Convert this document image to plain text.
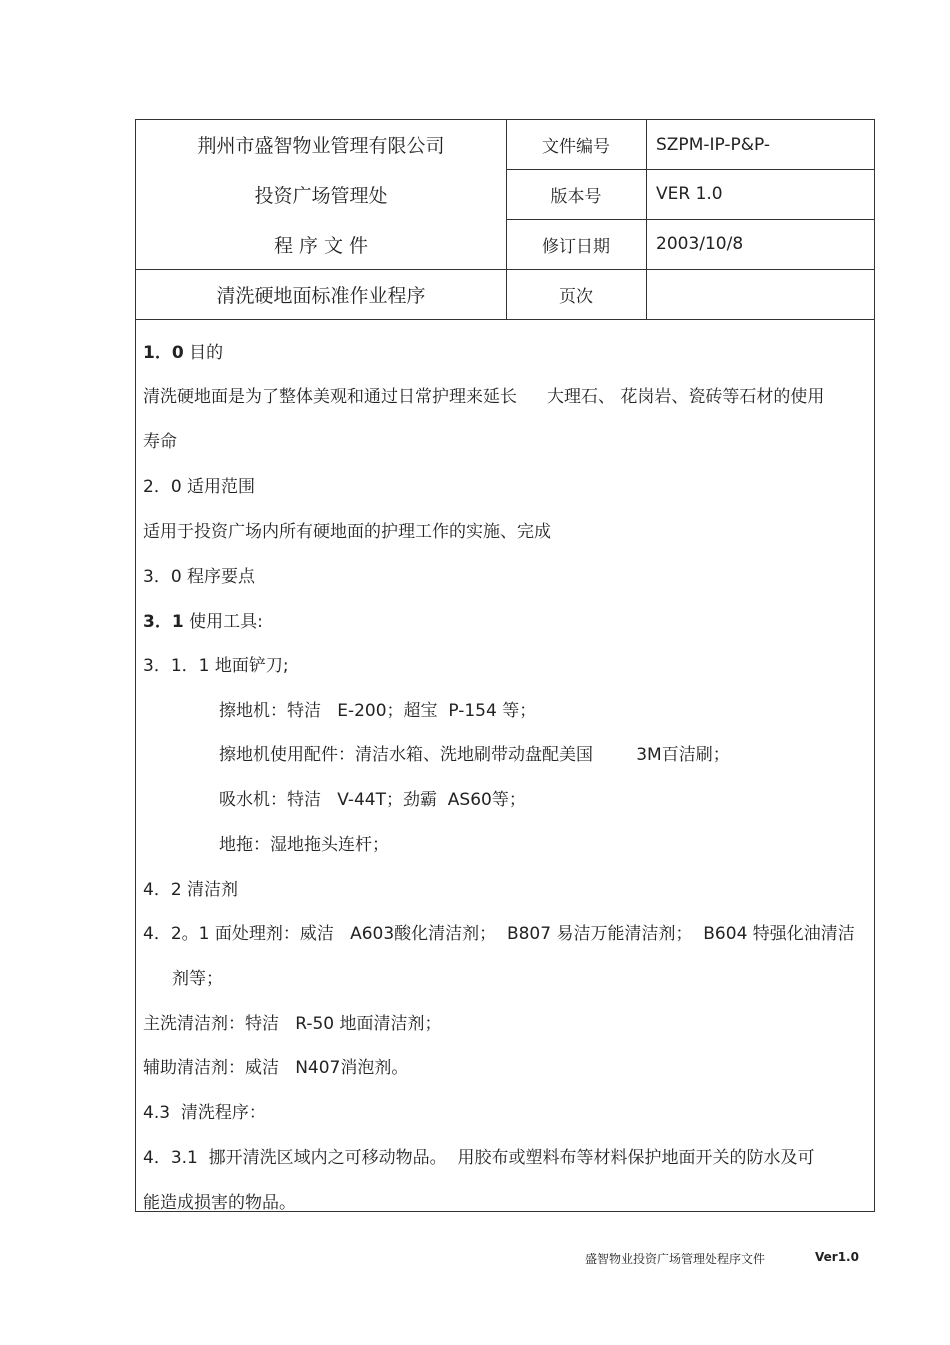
荆州市盛智物业管理有限公司
投资广场管理处
程 序 文 件
清洗硬地面标准作业程序
文件编号
版本号
修订日期
页次
SZPM-IP-P&P-
VER 1.0
2003/10/8
1．0 目的
清洗硬地面是为了整体美观和通过日常护理来延长 大理石、 花岗岩、瓷砖等石材的使用
寿命
2．0 适用范围
适用于投资广场内所有硬地面的护理工作的实施、完成
3．0 程序要点
3．1 使用工具:
3．1．1 地面铲刀;
擦地机：特洁   E-200；超宝  P-154 等；
擦地机使用配件：清洁水箱、洗地刷带动盘配美国        3M百洁刷；
吸水机：特洁   V-44T；劲霸  AS60等；
地拖：湿地拖头连杆；
4．2 清洁剂
4．2。1 面处理剂：威洁   A603酸化清洁剂；  B807 易洁万能清洁剂；  B604 特强化油清洁
剂等；
主洗清洁剂：特洁   R-50 地面清洁剂；
辅助清洁剂：威洁   N407消泡剂。
4.3  清洗程序：
4．3.1  挪开清洗区域内之可移动物品。  用胶布或塑料布等材料保护地面开关的防水及可
能造成损害的物品。
盛智物业投资广场管理处程序文件	Ver1.0
